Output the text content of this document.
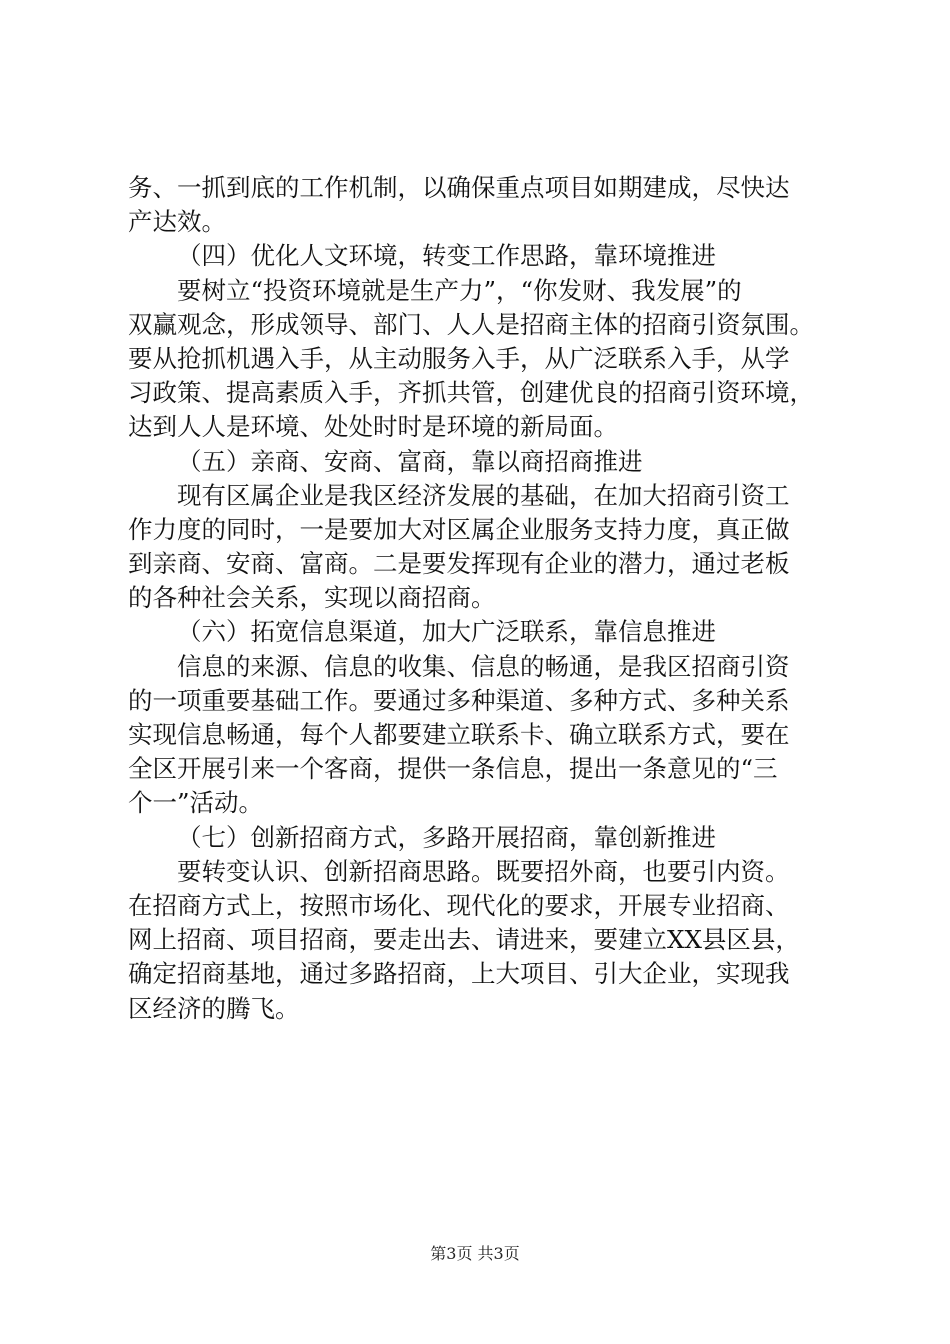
务、一抓到底的工作机制，以确保重点项目如期建成，尽快达
产达效。
（四）优化人文环境，转变工作思路，靠环境推进
要树立“投资环境就是生产力”，“你发财、我发展”的
双赢观念，形成领导、部门、人人是招商主体的招商引资氛围。
要从抢抓机遇入手，从主动服务入手，从广泛联系入手，从学
习政策、提高素质入手，齐抓共管，创建优良的招商引资环境，
达到人人是环境、处处时时是环境的新局面。
（五）亲商、安商、富商，靠以商招商推进
现有区属企业是我区经济发展的基础，在加大招商引资工
作力度的同时，一是要加大对区属企业服务支持力度，真正做
到亲商、安商、富商。二是要发挥现有企业的潜力，通过老板
的各种社会关系，实现以商招商。
（六）拓宽信息渠道，加大广泛联系，靠信息推进
信息的来源、信息的收集、信息的畅通，是我区招商引资
的一项重要基础工作。要通过多种渠道、多种方式、多种关系
实现信息畅通，每个人都要建立联系卡、确立联系方式，要在
全区开展引来一个客商，提供一条信息，提出一条意见的“三
个一”活动。
（七）创新招商方式，多路开展招商，靠创新推进
要转变认识、创新招商思路。既要招外商，也要引内资。
在招商方式上，按照市场化、现代化的要求，开展专业招商、
网上招商、项目招商，要走出去、请进来，要建立XX县区县，
确定招商基地，通过多路招商，上大项目、引大企业，实现我
区经济的腾飞。
第3页 共3页
